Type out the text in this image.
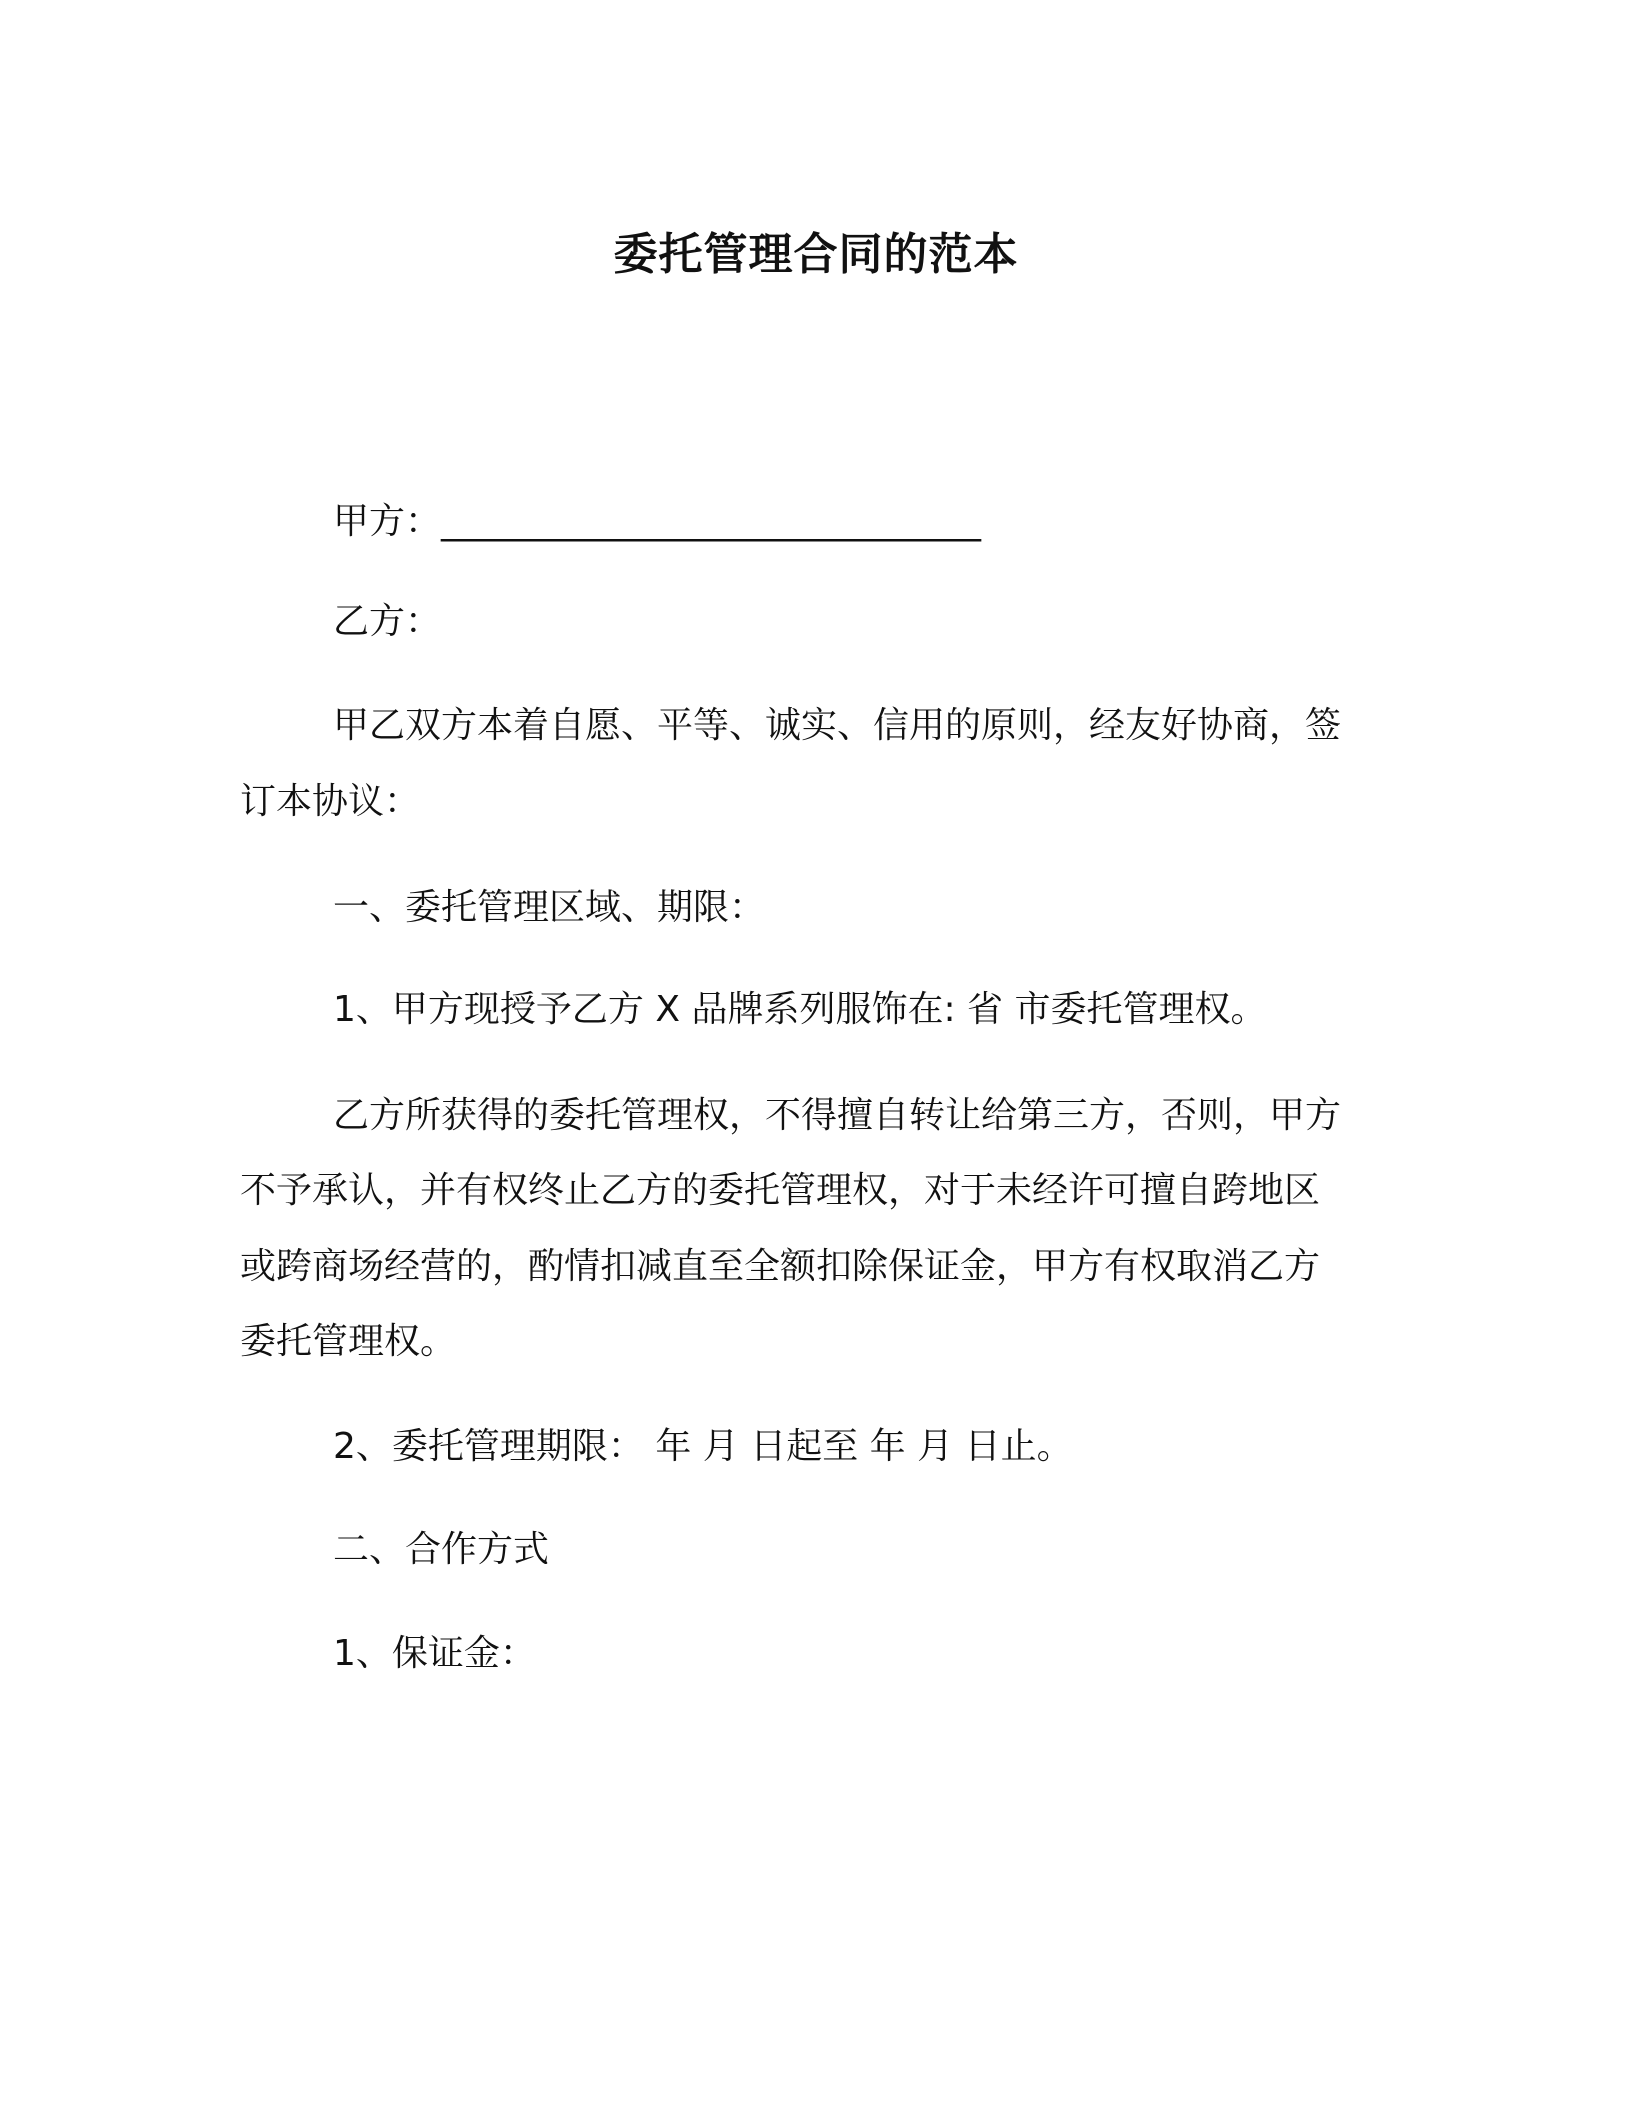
委托管理合同的范本
甲方：______________________________
乙方：
甲乙双方本着自愿、平等、诚实、信用的原则，经友好协商，签
订本协议：
一、委托管理区域、期限：
1、甲方现授予乙方 X 品牌系列服饰在: 省 市委托管理权。
乙方所获得的委托管理权，不得擅自转让给第三方，否则，甲方
不予承认，并有权终止乙方的委托管理权，对于未经许可擅自跨地区
或跨商场经营的，酌情扣减直至全额扣除保证金，甲方有权取消乙方
委托管理权。
2、委托管理期限： 年 月 日起至 年 月 日止。
二、合作方式
1、保证金：
